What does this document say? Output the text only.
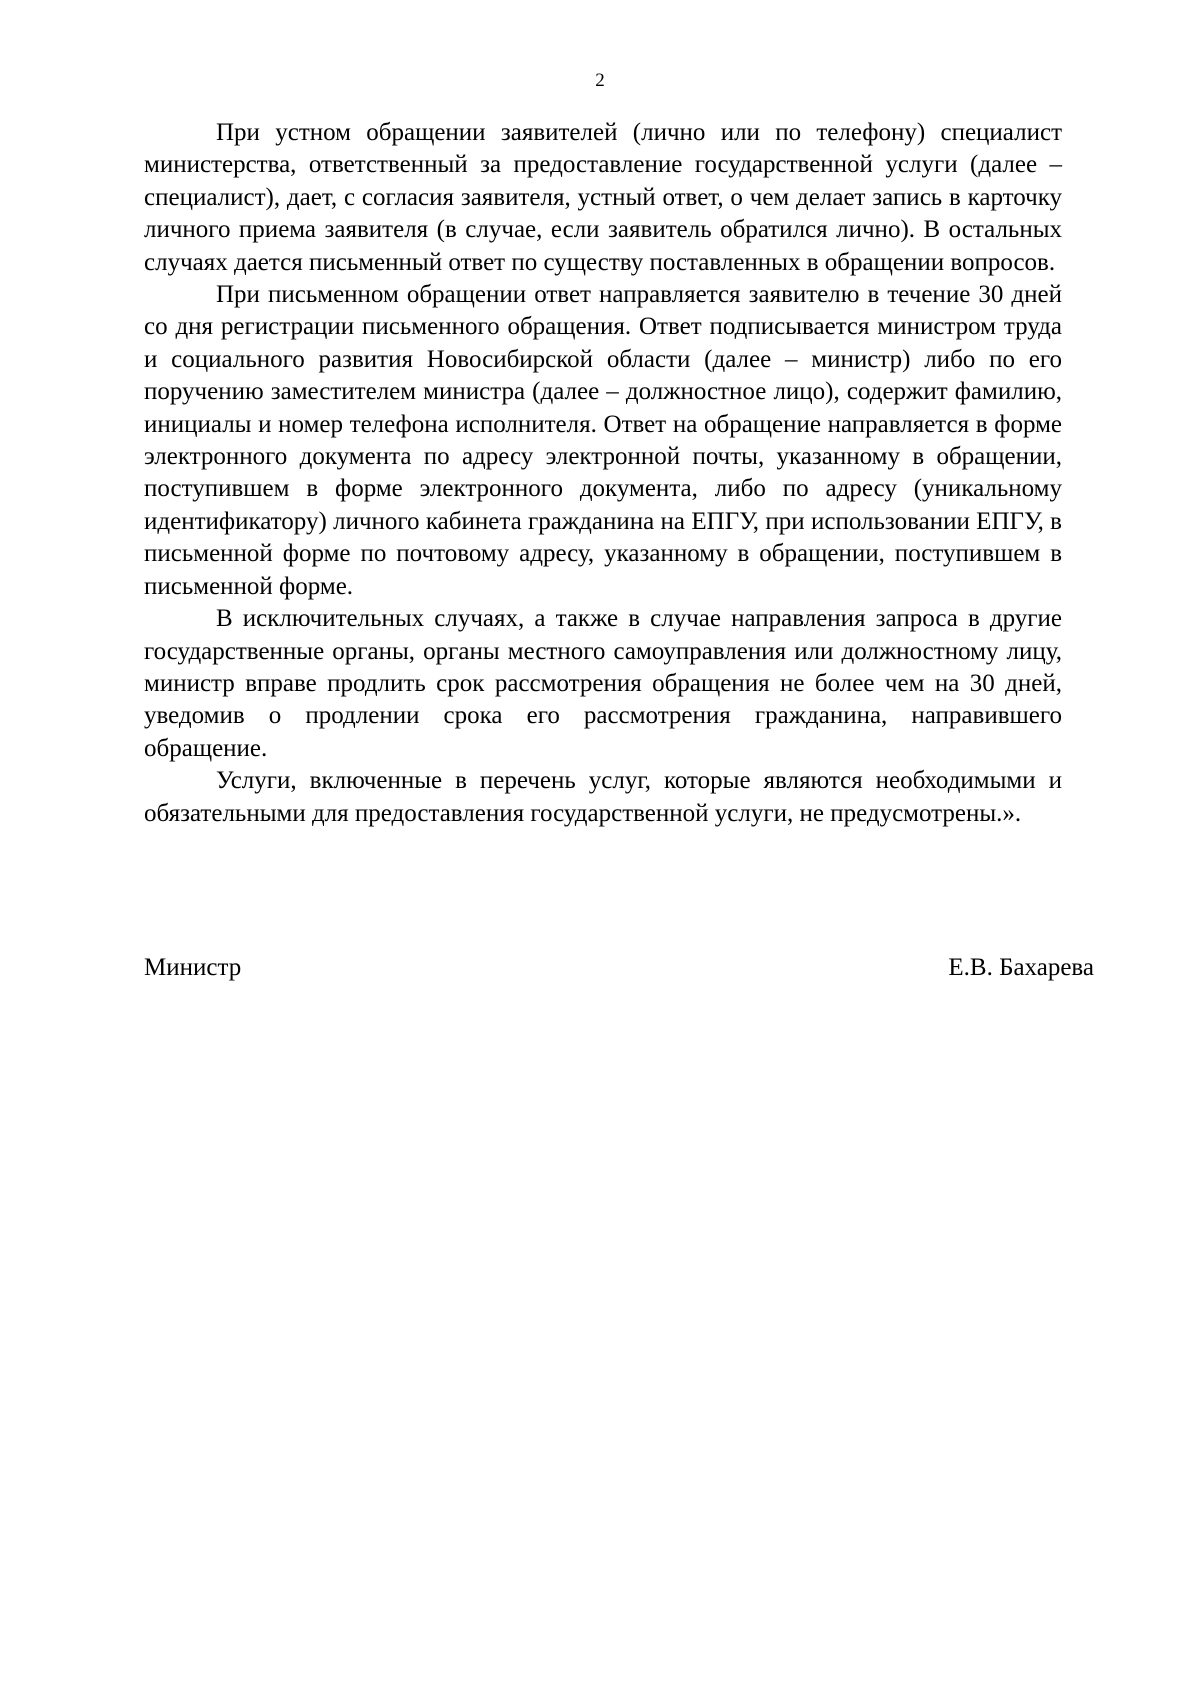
2

При устном обращении заявителей (лично или по телефону) специалист министерства, ответственный за предоставление государственной услуги (далее – специалист), дает, с согласия заявителя, устный ответ, о чем делает запись в карточку личного приема заявителя (в случае, если заявитель обратился лично). В остальных случаях дается письменный ответ по существу поставленных в обращении вопросов.

При письменном обращении ответ направляется заявителю в течение 30 дней со дня регистрации письменного обращения. Ответ подписывается министром труда и социального развития Новосибирской области (далее – министр) либо по его поручению заместителем министра (далее – должностное лицо), содержит фамилию, инициалы и номер телефона исполнителя. Ответ на обращение направляется в форме электронного документа по адресу электронной почты, указанному в обращении, поступившем в форме электронного документа, либо по адресу (уникальному идентификатору) личного кабинета гражданина на ЕПГУ, при использовании ЕПГУ, в письменной форме по почтовому адресу, указанному в обращении, поступившем в письменной форме.

В исключительных случаях, а также в случае направления запроса в другие государственные органы, органы местного самоуправления или должностному лицу, министр вправе продлить срок рассмотрения обращения не более чем на 30 дней, уведомив о продлении срока его рассмотрения гражданина, направившего обращение.

Услуги, включенные в перечень услуг, которые являются необходимыми и обязательными для предоставления государственной услуги, не предусмотрены.».

Министр	Е.В. Бахарева
